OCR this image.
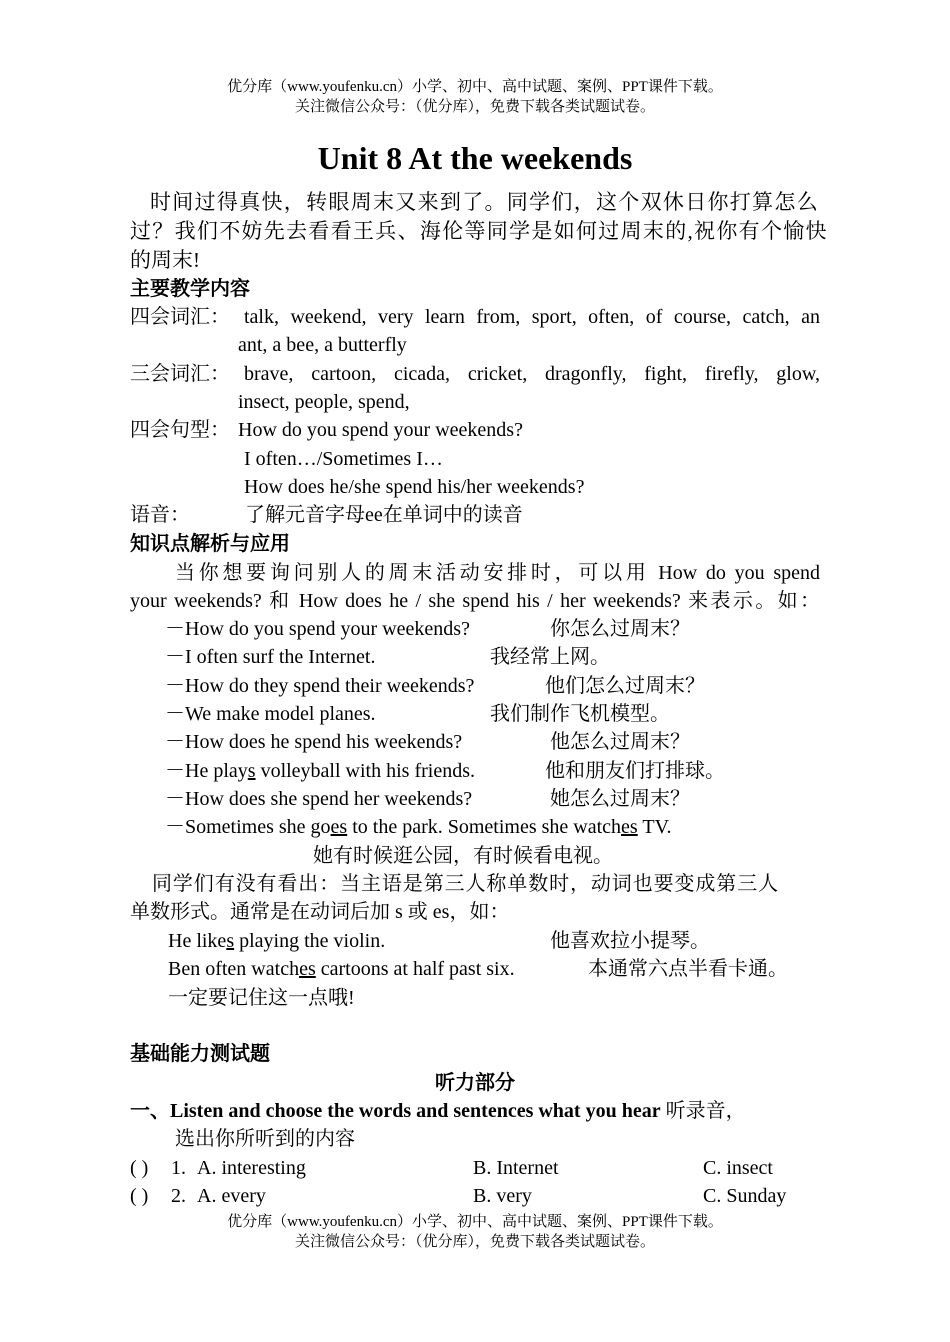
优分库（www.youfenku.cn）小学、初中、高中试题、案例、PPT课件下载。
关注微信公众号：（优分库），免费下载各类试题试卷。
Unit 8 At the weekends
时间过得真快，转眼周末又来到了。同学们，这个双休日你打算怎么
过？我们不妨先去看看王兵、海伦等同学是如何过周末的,祝你有个愉快
的周末!
主要教学内容
四会词汇： talk, weekend, very learn from, sport, often, of course, catch, an
ant, a bee, a butterfly
三会词汇： brave, cartoon, cicada, cricket, dragonfly, fight, firefly, glow,
insect, people, spend,
四会句型： How do you spend your weekends?
I often…/Sometimes I…
How does he/she spend his/her weekends?
语音：	了解元音字母ee在单词中的读音
知识点解析与应用
当你想要询问别人的周末活动安排时，可以用 How do you spend
your weekends? 和 How does he / she spend his / her weekends? 来表示。如：
－How do you spend your weekends?	你怎么过周末？
－I often surf the Internet.	我经常上网。
－How do they spend their weekends?	他们怎么过周末？
－We make model planes.	我们制作飞机模型。
－How does he spend his weekends?	他怎么过周末？
－He plays volleyball with his friends.	他和朋友们打排球。
－How does she spend her weekends?	她怎么过周末？
－Sometimes she goes to the park. Sometimes she watches TV.
她有时候逛公园，有时候看电视。
同学们有没有看出：当主语是第三人称单数时，动词也要变成第三人
单数形式。通常是在动词后加 s 或 es，如：
He likes playing the violin.	他喜欢拉小提琴。
Ben often watches cartoons at half past six.	本通常六点半看卡通。
一定要记住这一点哦!
基础能力测试题
听力部分
一、Listen and choose the words and sentences what you hear 听录音，
选出你所听到的内容
( ) 1. A. interesting	B. Internet	C. insect
( ) 2. A. every	B. very	C. Sunday
优分库（www.youfenku.cn）小学、初中、高中试题、案例、PPT课件下载。
关注微信公众号：（优分库），免费下载各类试题试卷。
